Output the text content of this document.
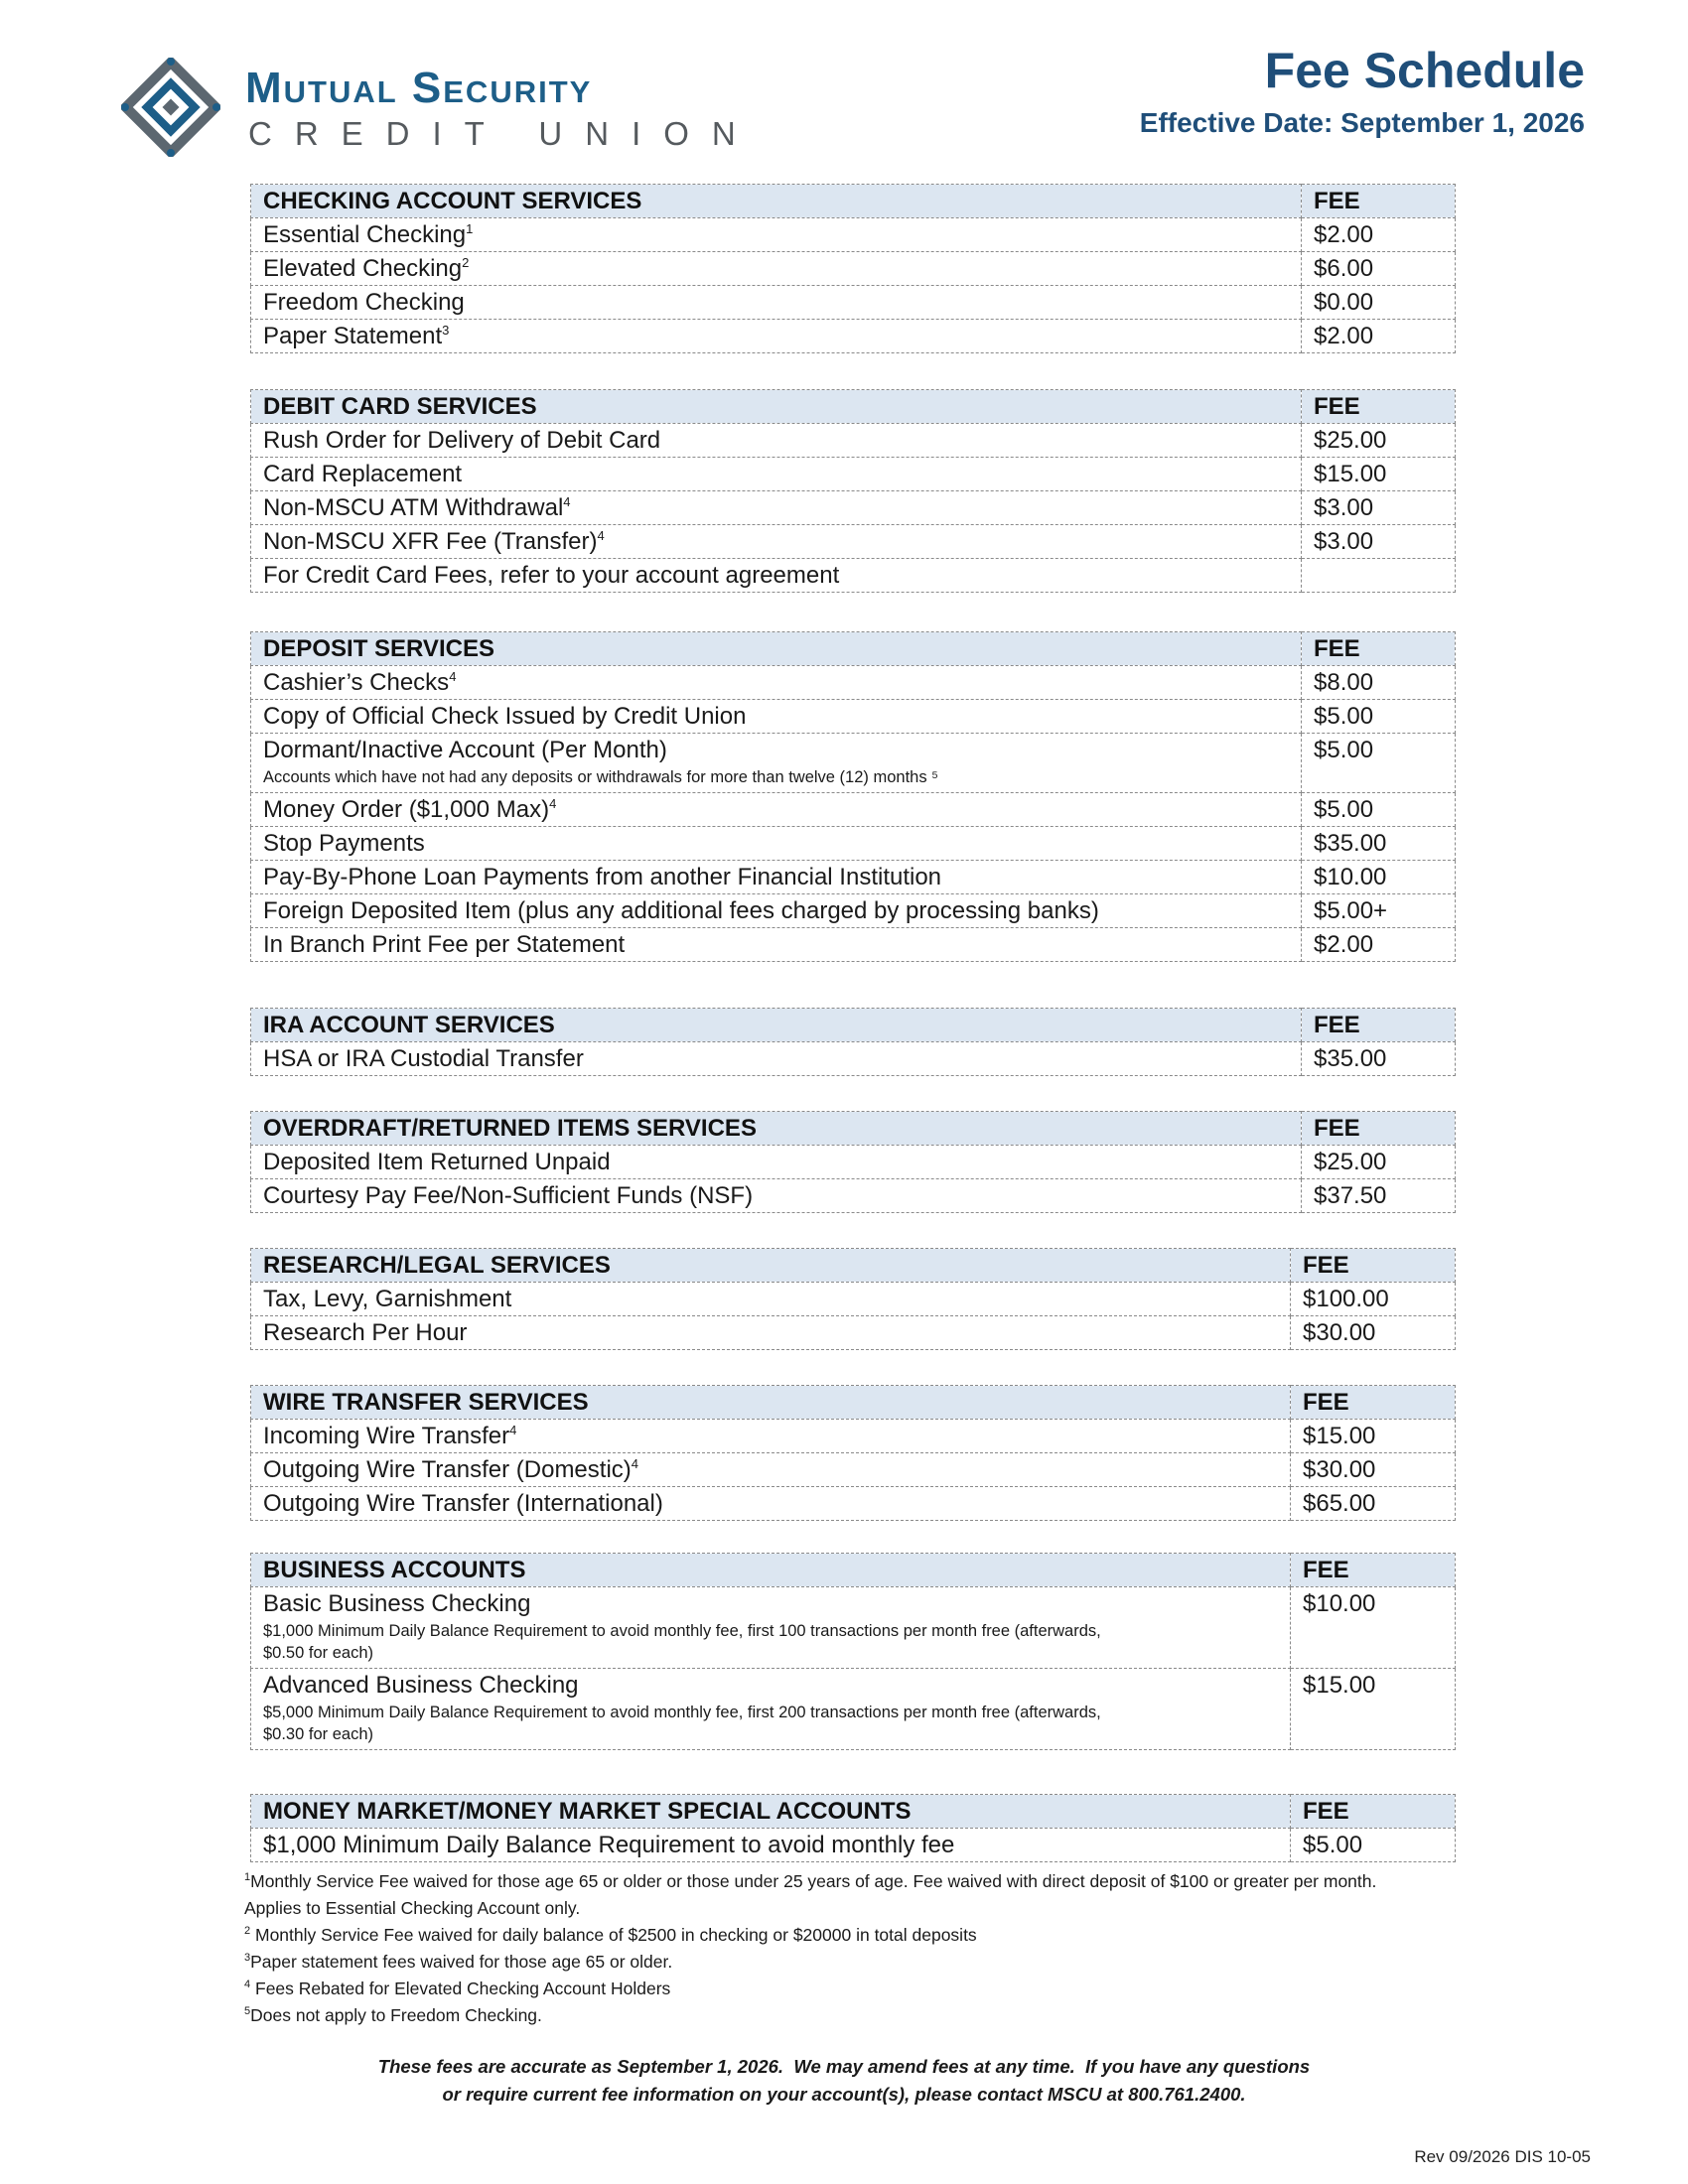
Mutual Security
CREDIT UNION
Fee Schedule
Effective Date: September 1, 2026
CHECKING ACCOUNT SERVICES	FEE
Essential Checking$^1$	$2.00
Elevated Checking$^2$	$6.00
Freedom Checking	$0.00
Paper Statement$^3$	$2.00
DEBIT CARD SERVICES	FEE
Rush Order for Delivery of Debit Card	$25.00
Card Replacement	$15.00
Non-MSCU ATM Withdrawal$^4$	$3.00
Non-MSCU XFR Fee (Transfer)$^4$	$3.00
For Credit Card Fees, refer to your account agreement	
DEPOSIT SERVICES	FEE
Cashier’s Checks$^4$	$8.00
Copy of Official Check Issued by Credit Union	$5.00
Dormant/Inactive Account (Per Month)
Accounts which have not had any deposits or withdrawals for more than twelve (12) months ⁵	$5.00
Money Order ($1,000 Max)$^4$	$5.00
Stop Payments	$35.00
Pay-By-Phone Loan Payments from another Financial Institution	$10.00
Foreign Deposited Item (plus any additional fees charged by processing banks)	$5.00+
In Branch Print Fee per Statement	$2.00
IRA ACCOUNT SERVICES	FEE
HSA or IRA Custodial Transfer	$35.00
OVERDRAFT/RETURNED ITEMS SERVICES	FEE
Deposited Item Returned Unpaid	$25.00
Courtesy Pay Fee/Non-Sufficient Funds (NSF)	$37.50
RESEARCH/LEGAL SERVICES	FEE
Tax, Levy, Garnishment	$100.00
Research Per Hour	$30.00
WIRE TRANSFER SERVICES	FEE
Incoming Wire Transfer$^4$	$15.00
Outgoing Wire Transfer (Domestic)$^4$	$30.00
Outgoing Wire Transfer (International)	$65.00
BUSINESS ACCOUNTS	FEE
Basic Business Checking
$1,000 Minimum Daily Balance Requirement to avoid monthly fee, first 100 transactions per month free (afterwards, $0.50 for each)	$10.00
Advanced Business Checking
$5,000 Minimum Daily Balance Requirement to avoid monthly fee, first 200 transactions per month free (afterwards, $0.30 for each)	$15.00
MONEY MARKET/MONEY MARKET SPECIAL ACCOUNTS	FEE
$1,000 Minimum Daily Balance Requirement to avoid monthly fee	$5.00
$^1$Monthly Service Fee waived for those age 65 or older or those under 25 years of age. Fee waived with direct deposit of $100 or greater per month.
Applies to Essential Checking Account only.
$^2$ Monthly Service Fee waived for daily balance of $2500 in checking or $20000 in total deposits
$^3$Paper statement fees waived for those age 65 or older.
$^4$ Fees Rebated for Elevated Checking Account Holders
$^5$Does not apply to Freedom Checking.
These fees are accurate as September 1, 2026.  We may amend fees at any time.  If you have any questions
or require current fee information on your account(s), please contact MSCU at 800.761.2400.
Rev 09/2026 DIS 10-05
